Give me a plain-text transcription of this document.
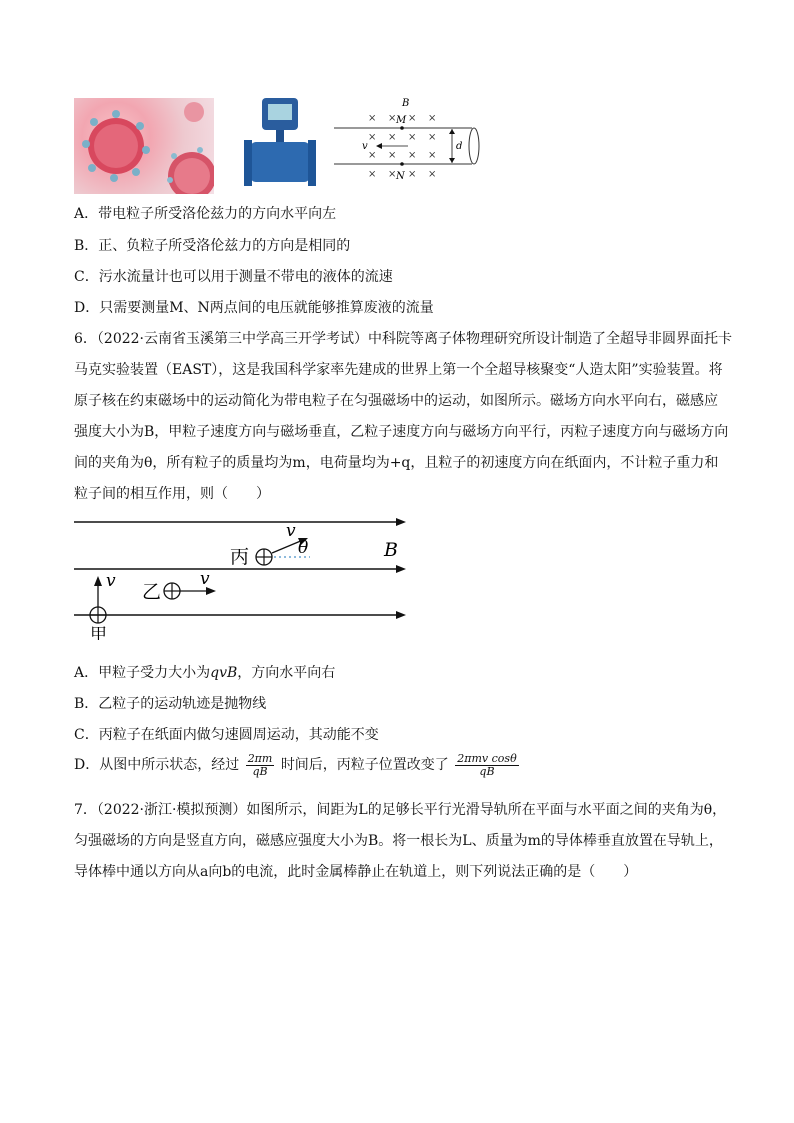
B
× × × ×
× × × ×
× × × ×
× × × ×
M
N
v	d
A．带电粒子所受洛伦兹力的方向水平向左
B．正、负粒子所受洛伦兹力的方向是相同的
C．污水流量计也可以用于测量不带电的液体的流速
D．只需要测量M、N两点间的电压就能够推算废液的流量
6．（2022·云南省玉溪第三中学高三开学考试）中科院等离子体物理研究所设计制造了全超导非圆界面托卡
马克实验装置（EAST），这是我国科学家率先建成的世界上第一个全超导核聚变“人造太阳”实验装置。将
原子核在约束磁场中的运动简化为带电粒子在匀强磁场中的运动，如图所示。磁场方向水平向右，磁感应
强度大小为B，甲粒子速度方向与磁场垂直，乙粒子速度方向与磁场方向平行，丙粒子速度方向与磁场方向
间的夹角为θ，所有粒子的质量均为m，电荷量均为+q，且粒子的初速度方向在纸面内，不计粒子重力和
粒子间的相互作用，则（　　）
B
丙
v
θ
乙
v
v
甲
A．甲粒子受力大小为qvB，方向水平向右
B．乙粒子的运动轨迹是抛物线
C．丙粒子在纸面内做匀速圆周运动，其动能不变
D．从图中所示状态，经过 $\frac{2\pi m}{qB}$ 时间后，丙粒子位置改变了 $\frac{\text{2πmv cosθ}}{qB}$
7．（2022·浙江·模拟预测）如图所示，间距为L的足够长平行光滑导轨所在平面与水平面之间的夹角为θ，
匀强磁场的方向是竖直方向，磁感应强度大小为B。将一根长为L、质量为m的导体棒垂直放置在导轨上，
导体棒中通以方向从a向b的电流，此时金属棒静止在轨道上，则下列说法正确的是（　　）
